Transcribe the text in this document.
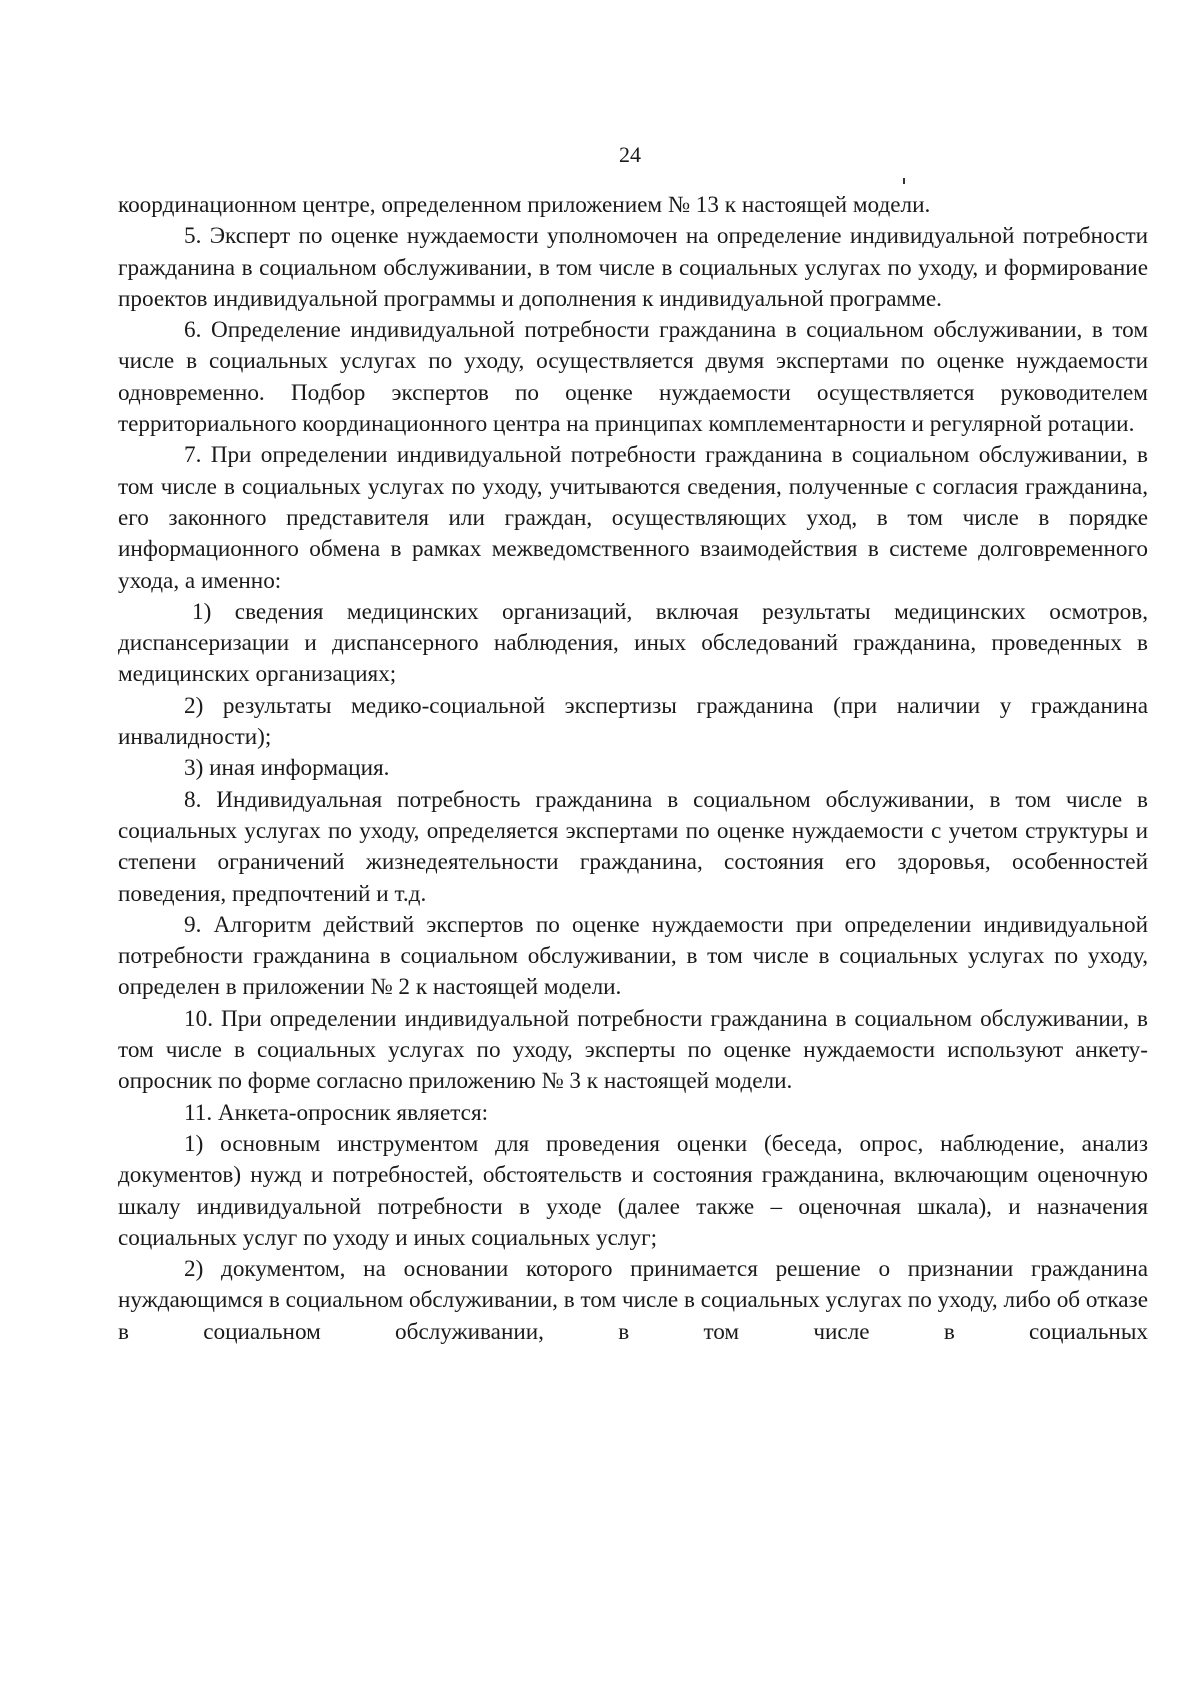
24

координационном центре, определенном приложением № 13 к настоящей модели.

5. Эксперт по оценке нуждаемости уполномочен на определение индивидуальной потребности гражданина в социальном обслуживании, в том числе в социальных услугах по уходу, и формирование проектов индивидуальной программы и дополнения к индивидуальной программе.

6. Определение индивидуальной потребности гражданина в социальном обслуживании, в том числе в социальных услугах по уходу, осуществляется двумя экспертами по оценке нуждаемости одновременно. Подбор экспертов по оценке нуждаемости осуществляется руководителем территориального координационного центра на принципах комплементарности и регулярной ротации.

7. При определении индивидуальной потребности гражданина в социальном обслуживании, в том числе в социальных услугах по уходу, учитываются сведения, полученные с согласия гражданина, его законного представителя или граждан, осуществляющих уход, в том числе в порядке информационного обмена в рамках межведомственного взаимодействия в системе долговременного ухода, а именно:

1) сведения медицинских организаций, включая результаты медицинских осмотров, диспансеризации и диспансерного наблюдения, иных обследований гражданина, проведенных в медицинских организациях;

2) результаты медико-социальной экспертизы гражданина (при наличии у гражданина инвалидности);

3) иная информация.

8. Индивидуальная потребность гражданина в социальном обслуживании, в том числе в социальных услугах по уходу, определяется экспертами по оценке нуждаемости с учетом структуры и степени ограничений жизнедеятельности гражданина, состояния его здоровья, особенностей поведения, предпочтений и т.д.

9. Алгоритм действий экспертов по оценке нуждаемости при определении индивидуальной потребности гражданина в социальном обслуживании, в том числе в социальных услугах по уходу, определен в приложении № 2 к настоящей модели.

10. При определении индивидуальной потребности гражданина в социальном обслуживании, в том числе в социальных услугах по уходу, эксперты по оценке нуждаемости используют анкету-опросник по форме согласно приложению № 3 к настоящей модели.

11. Анкета-опросник является:

1) основным инструментом для проведения оценки (беседа, опрос, наблюдение, анализ документов) нужд и потребностей, обстоятельств и состояния гражданина, включающим оценочную шкалу индивидуальной потребности в уходе (далее также – оценочная шкала), и назначения социальных услуг по уходу и иных социальных услуг;

2) документом, на основании которого принимается решение о признании гражданина нуждающимся в социальном обслуживании, в том числе в социальных услугах по уходу, либо об отказе в социальном обслуживании, в том числе в социальных
